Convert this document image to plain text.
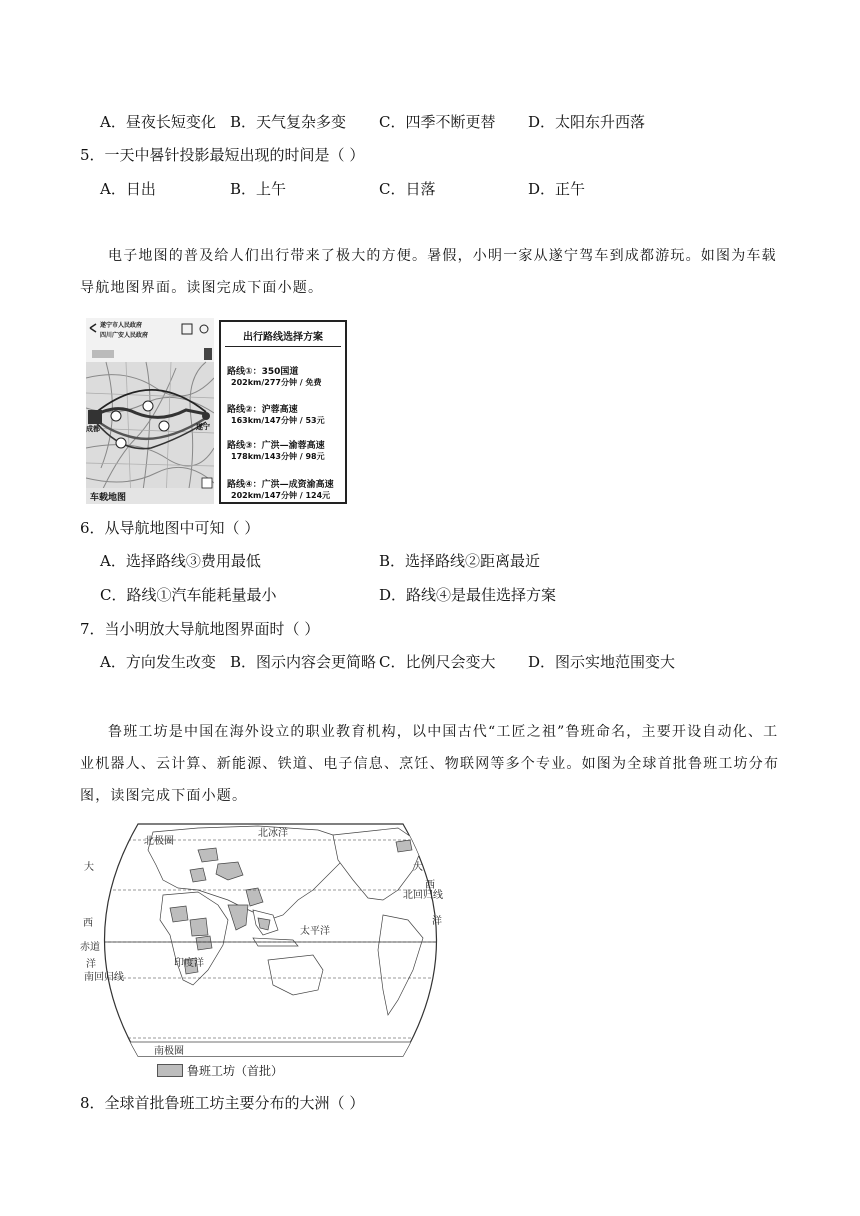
A．昼夜长短变化 B．天气复杂多变 C．四季不断更替 D．太阳东升西落
5．一天中晷针投影最短出现的时间是（ ）
A．日出	B．上午	C．日落	D．正午
电子地图的普及给人们出行带来了极大的方便。暑假，小明一家从遂宁驾车到成都游玩。如图为车载
导航地图界面。读图完成下面小题。
遂宁市人民政府
四川广安人民政府
成都	遂宁
车载地图
出行路线选择方案
路线①：350国道
202km/277分钟 / 免费
路线②：沪蓉高速
163km/147分钟 / 53元
路线③：广洪—渝蓉高速
178km/143分钟 / 98元
路线④：广洪—成资渝高速
202km/147分钟 / 124元
6．从导航地图中可知（ ）
A．选择路线③费用最低	B．选择路线②距离最近
C．路线①汽车能耗量最小	D．路线④是最佳选择方案
7．当小明放大导航地图界面时（ ）
A．方向发生改变 B．图示内容会更简略 C．比例尺会变大 D．图示实地范围变大
鲁班工坊是中国在海外设立的职业教育机构，以中国古代“工匠之祖”鲁班命名，主要开设自动化、工
业机器人、云计算、新能源、铁道、电子信息、烹饪、物联网等多个专业。如图为全球首批鲁班工坊分布
图，读图完成下面小题。
北极圈
北冰洋
大	大
西
北回归线
西	洋
太平洋
赤道
洋	印度洋
南回归线
南极圈
鲁班工坊（首批）
8．全球首批鲁班工坊主要分布的大洲（ ）
